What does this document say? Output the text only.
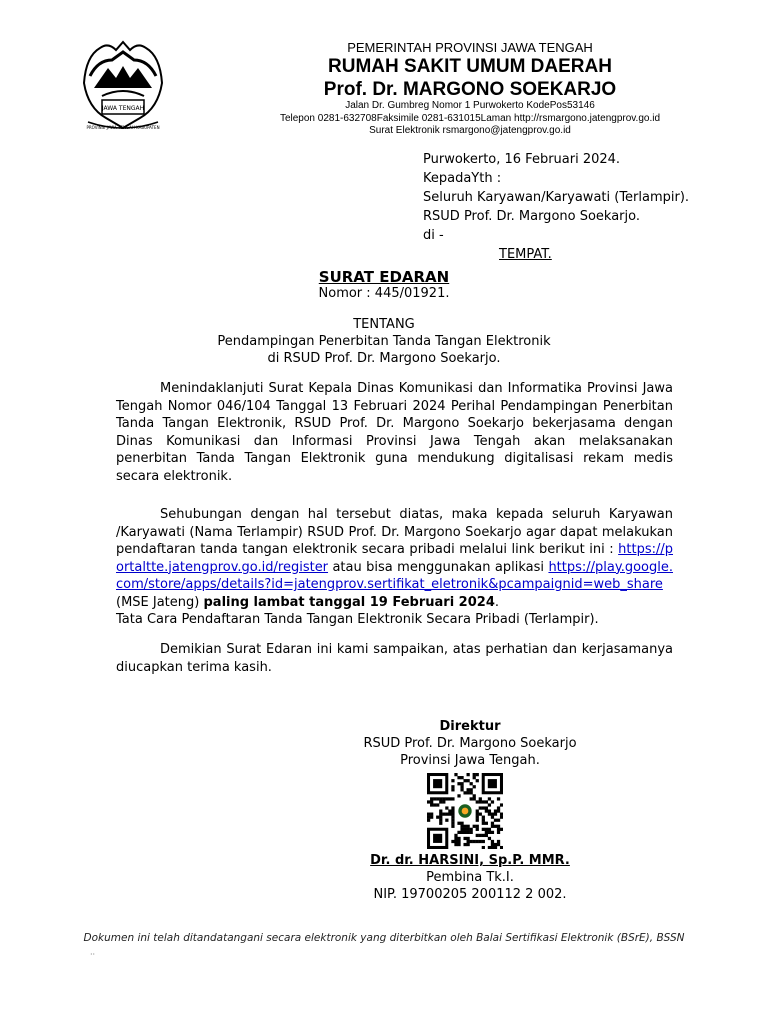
JAWA TENGAH
PROVINSI JAWA TENGAH KABUPATEN
PEMERINTAH PROVINSI JAWA TENGAH
RUMAH SAKIT UMUM DAERAH
Prof. Dr. MARGONO SOEKARJO
Jalan Dr. Gumbreg Nomor 1 Purwokerto KodePos53146
Telepon 0281-632708Faksimile 0281-631015Laman http://rsmargono.jatengprov.go.id
Surat Elektronik rsmargono@jatengprov.go.id
Purwokerto, 16 Februari 2024.
KepadaYth :
Seluruh Karyawan/Karyawati (Terlampir).
RSUD Prof. Dr. Margono Soekarjo.
di -
TEMPAT.
SURAT EDARAN
Nomor : 445/01921.
TENTANG
Pendampingan Penerbitan Tanda Tangan Elektronik
di RSUD Prof. Dr. Margono Soekarjo.

Menindaklanjuti Surat Kepala Dinas Komunikasi dan Informatika Provinsi Jawa Tengah Nomor 046/104 Tanggal 13 Februari 2024 Perihal Pendampingan Penerbitan Tanda Tangan Elektronik, RSUD Prof. Dr. Margono Soekarjo bekerjasama dengan Dinas Komunikasi dan Informasi Provinsi Jawa Tengah akan melaksanakan penerbitan Tanda Tangan Elektronik guna mendukung digitalisasi rekam medis secara elektronik.

Sehubungan dengan hal tersebut diatas, maka kepada seluruh Karyawan /Karyawati (Nama Terlampir) RSUD Prof. Dr. Margono Soekarjo agar dapat melakukan pendaftaran tanda tangan elektronik secara pribadi melalui link berikut ini : https://portaltte.jatengprov.go.id/register atau bisa menggunakan aplikasi https://play.google.com/store/apps/details?id=jatengprov.sertifikat_eletronik&pcampaignid=web_share (MSE Jateng) paling lambat tanggal 19 Februari 2024.

Tata Cara Pendaftaran Tanda Tangan Elektronik Secara Pribadi (Terlampir).

Demikian Surat Edaran ini kami sampaikan, atas perhatian dan kerjasamanya diucapkan terima kasih.

Direktur
RSUD Prof. Dr. Margono Soekarjo
Provinsi Jawa Tengah.
Dr. dr. HARSINI, Sp.P. MMR.
Pembina Tk.I.
NIP. 19700205 200112 2 002.
Dokumen ini telah ditandatangani secara elektronik yang diterbitkan oleh Balai Sertifikasi Elektronik (BSrE), BSSN
··
